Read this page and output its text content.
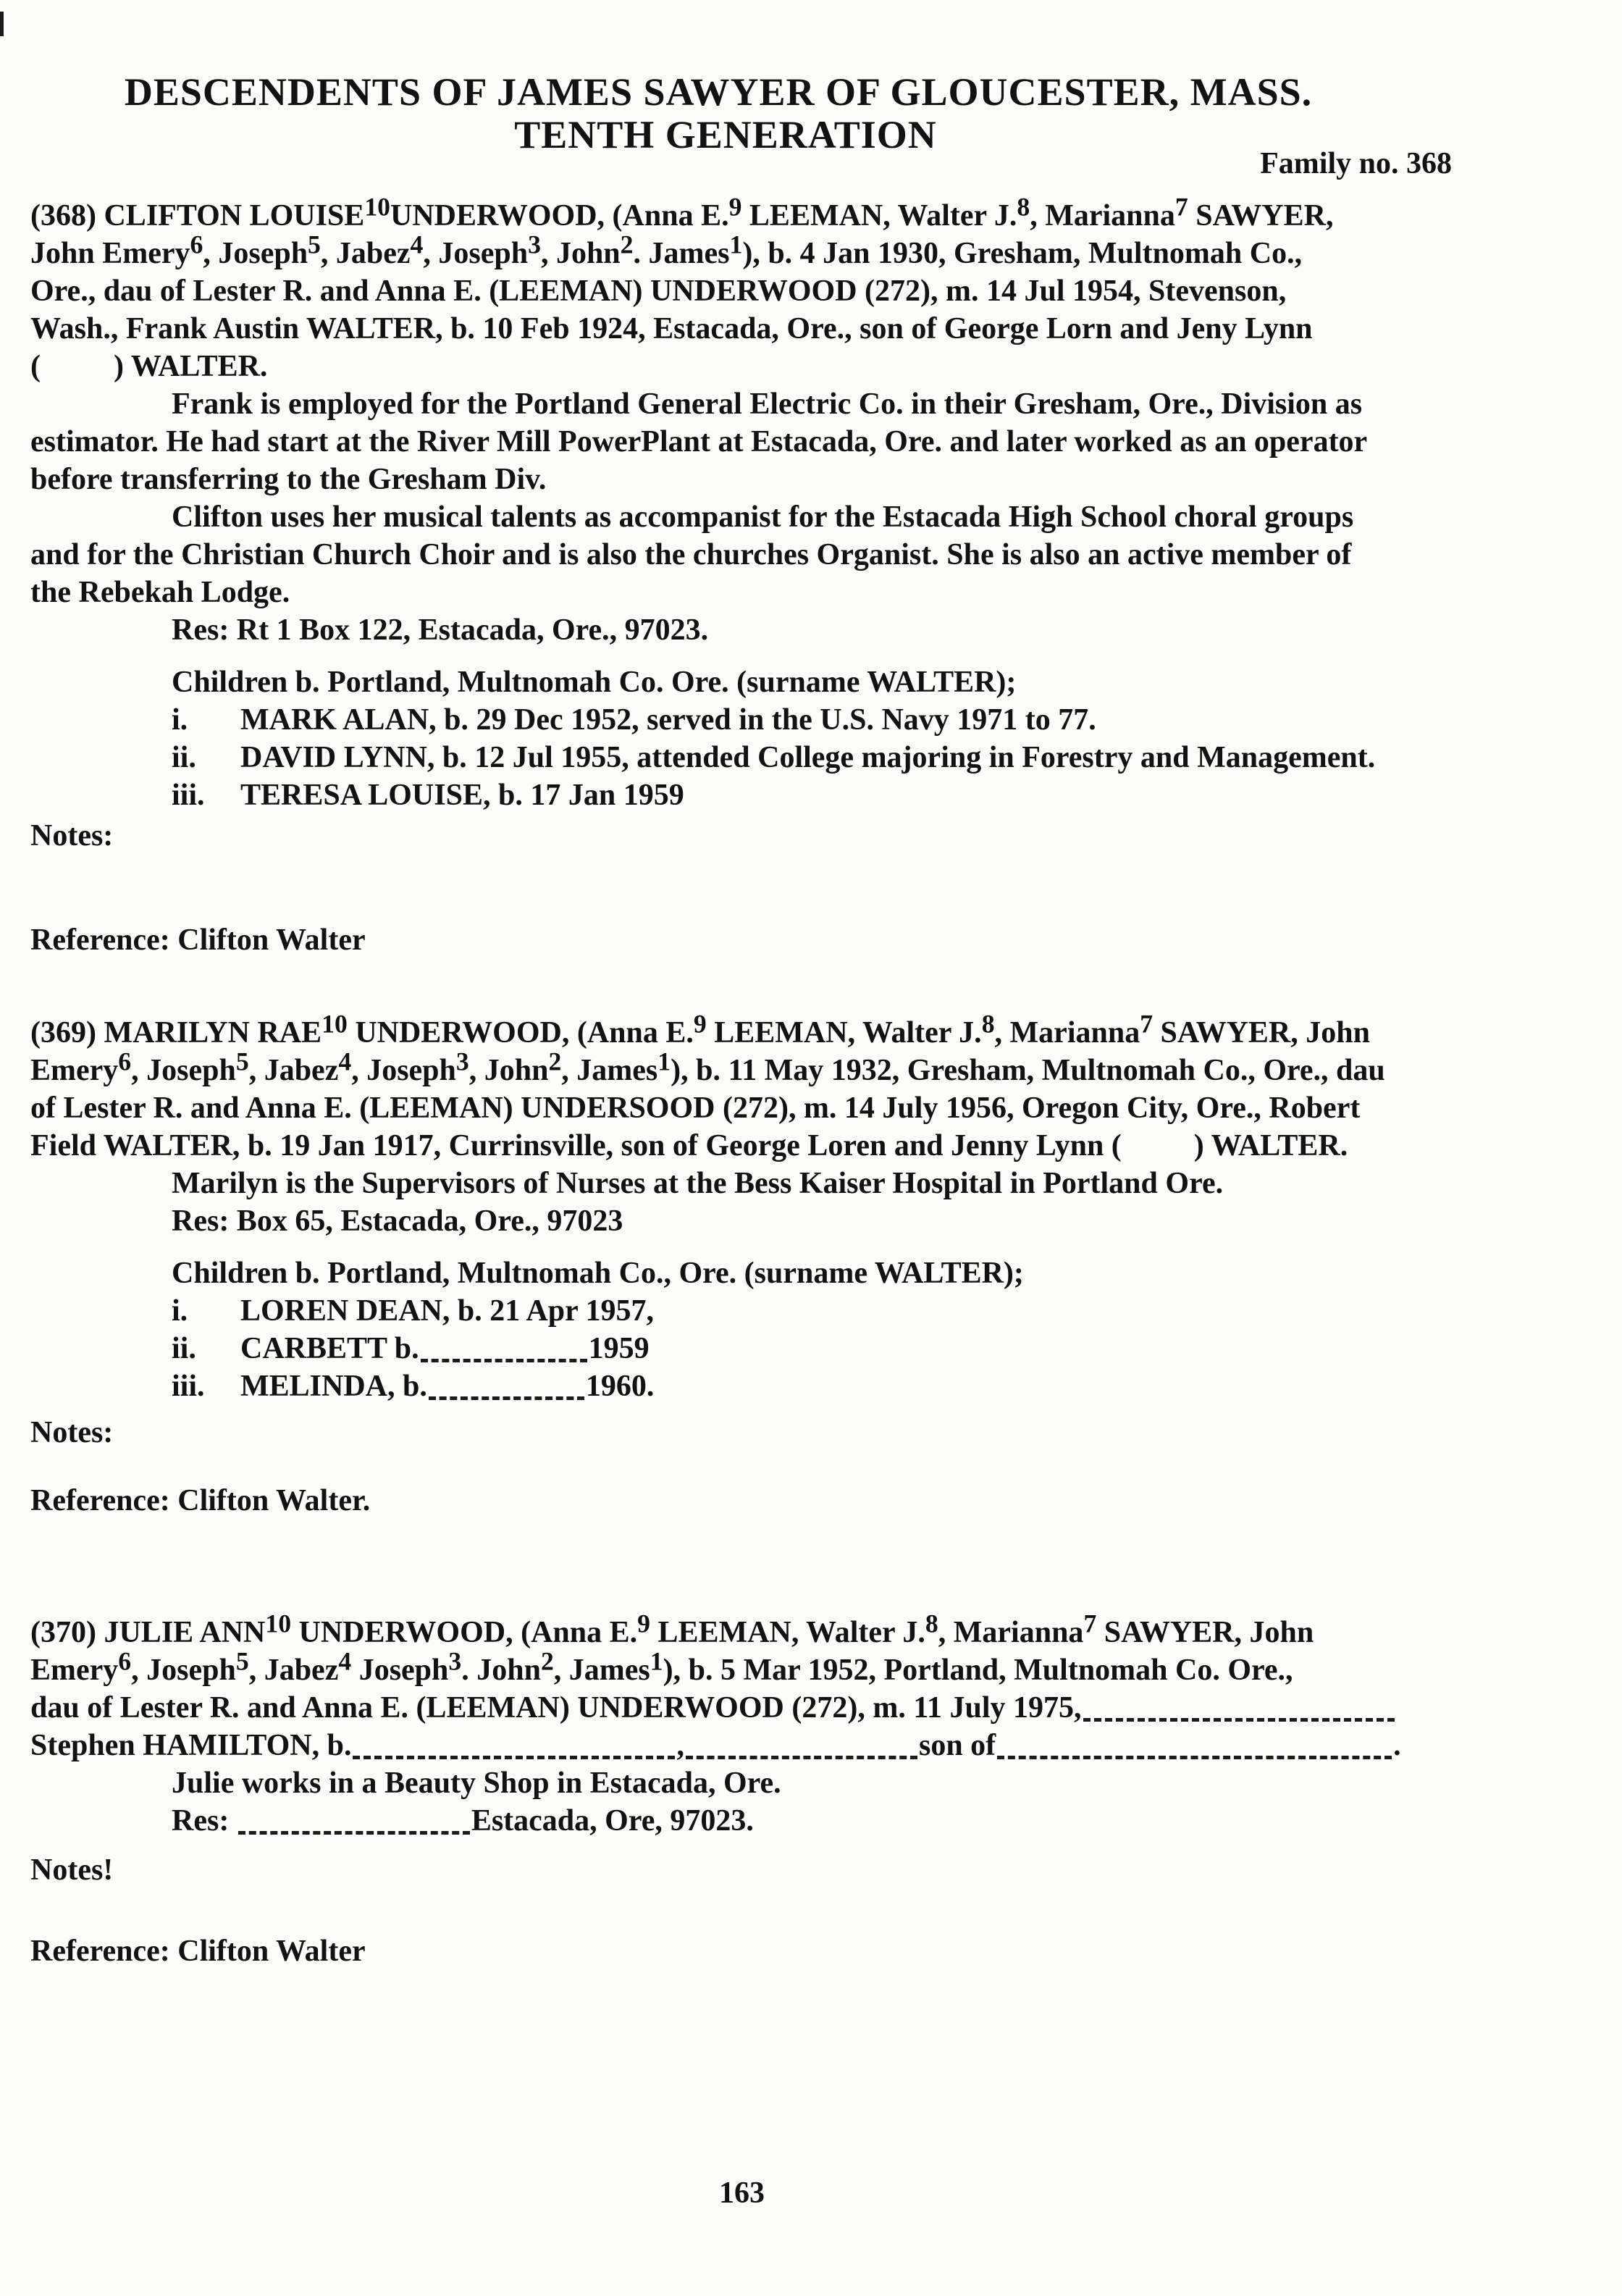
DESCENDENTS OF JAMES SAWYER OF GLOUCESTER, MASS.
TENTH GENERATION
Family no. 368
(368) CLIFTON LOUISE$^{10}$UNDERWOOD, (Anna E.$^9$ LEEMAN, Walter J.$^8$, Marianna$^7$ SAWYER,
John Emery$^6$, Joseph$^5$, Jabez$^4$, Joseph$^3$, John$^2$. James$^1$), b. 4 Jan 1930, Gresham, Multnomah Co.,
Ore., dau of Lester R. and Anna E. (LEEMAN) UNDERWOOD (272), m. 14 Jul 1954, Stevenson,
Wash., Frank Austin WALTER, b. 10 Feb 1924, Estacada, Ore., son of George Lorn and Jeny Lynn
( ) WALTER.
Frank is employed for the Portland General Electric Co. in their Gresham, Ore., Division as
estimator. He had start at the River Mill PowerPlant at Estacada, Ore. and later worked as an operator
before transferring to the Gresham Div.
Clifton uses her musical talents as accompanist for the Estacada High School choral groups
and for the Christian Church Choir and is also the churches Organist. She is also an active member of
the Rebekah Lodge.
Res: Rt 1 Box 122, Estacada, Ore., 97023.
Children b. Portland, Multnomah Co. Ore. (surname WALTER);
i. MARK ALAN, b. 29 Dec 1952, served in the U.S. Navy 1971 to 77.
ii. DAVID LYNN, b. 12 Jul 1955, attended College majoring in Forestry and Management.
iii. TERESA LOUISE, b. 17 Jan 1959
Notes:
Reference: Clifton Walter
(369) MARILYN RAE$^{10}$ UNDERWOOD, (Anna E.$^9$ LEEMAN, Walter J.$^8$, Marianna$^7$ SAWYER, John
Emery$^6$, Joseph$^5$, Jabez$^4$, Joseph$^3$, John$^2$, James$^1$), b. 11 May 1932, Gresham, Multnomah Co., Ore., dau
of Lester R. and Anna E. (LEEMAN) UNDERSOOD (272), m. 14 July 1956, Oregon City, Ore., Robert
Field WALTER, b. 19 Jan 1917, Currinsville, son of George Loren and Jenny Lynn ( ) WALTER.
Marilyn is the Supervisors of Nurses at the Bess Kaiser Hospital in Portland Ore.
Res: Box 65, Estacada, Ore., 97023
Children b. Portland, Multnomah Co., Ore. (surname WALTER);
i. LOREN DEAN, b. 21 Apr 1957,
ii. CARBETT b.	1959
iii. MELINDA, b.	1960.
Notes:
Reference: Clifton Walter.
(370) JULIE ANN$^{10}$ UNDERWOOD, (Anna E.$^9$ LEEMAN, Walter J.$^8$, Marianna$^7$ SAWYER, John
Emery$^6$, Joseph$^5$, Jabez$^4$ Joseph$^3$. John$^2$, James$^1$), b. 5 Mar 1952, Portland, Multnomah Co. Ore.,
dau of Lester R. and Anna E. (LEEMAN) UNDERWOOD (272), m. 11 July 1975,
Stephen HAMILTON, b.	,	son of	.
Julie works in a Beauty Shop in Estacada, Ore.
Res:	Estacada, Ore, 97023.
Notes!
Reference: Clifton Walter
163
